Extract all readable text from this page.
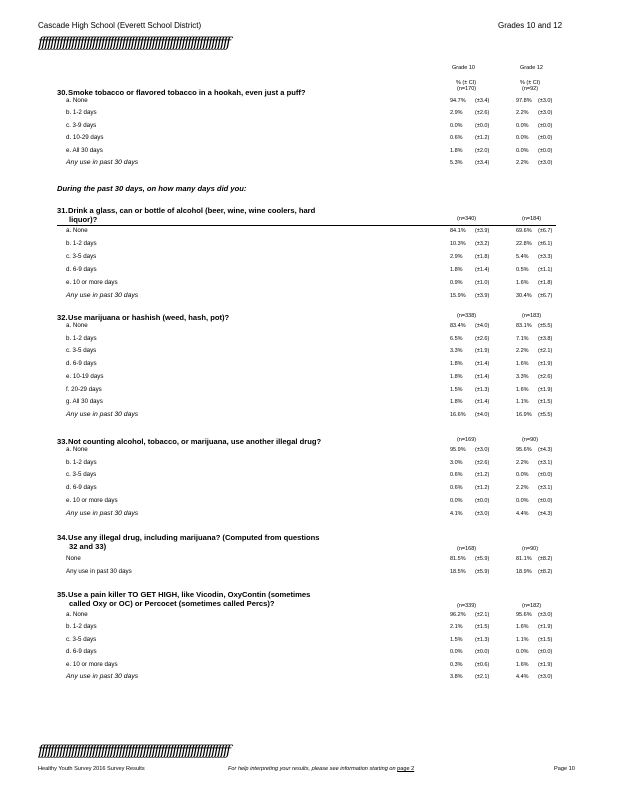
Cascade High School (Everett School District)	Grades 10 and 12
ƒƒƒƒƒƒƒƒƒƒƒƒƒƒƒƒƒƒƒƒƒƒƒƒƒƒƒƒƒƒƒƒƒƒƒƒƒƒƒƒƒƒƒƒƒƒƒƒƒƒƒƒƒƒƒƒƒƒƒƒƒƒƒƒ
Grade 10	Grade 12
% (± CI)	% (± CI)
(n=170)	(n=92)
During the past 30 days, on how many days did you:
30.Smoke tobacco or flavored tobacco in a hookah, even just a puff?
a. None	94.7% (±3.4)	97.8% (±3.0)
b. 1-2 days	2.9% (±2.6)	2.2% (±3.0)
c. 3-9 days	0.0% (±0.0)	0.0% (±0.0)
d. 10-29 days	0.6% (±1.2)	0.0% (±0.0)
e. All 30 days	1.8% (±2.0)	0.0% (±0.0)
Any use in past 30 days	5.3% (±3.4)	2.2% (±3.0)
31.Drink a glass, can or bottle of alcohol (beer, wine, wine coolers, hard
liquor)?	(n=340)	(n=184)
a. None	84.1% (±3.9)	69.6% (±6.7)
b. 1-2 days	10.3% (±3.2)	22.8% (±6.1)
c. 3-5 days	2.9% (±1.8)	5.4% (±3.3)
d. 6-9 days	1.8% (±1.4)	0.5% (±1.1)
e. 10 or more days	0.9% (±1.0)	1.6% (±1.8)
Any use in past 30 days	15.9% (±3.9)	30.4% (±6.7)
32.Use marijuana or hashish (weed, hash, pot)?	(n=338)	(n=183)
a. None	83.4% (±4.0)	83.1% (±5.5)
b. 1-2 days	6.5% (±2.6)	7.1% (±3.8)
c. 3-5 days	3.3% (±1.9)	2.2% (±2.1)
d. 6-9 days	1.8% (±1.4)	1.6% (±1.9)
e. 10-19 days	1.8% (±1.4)	3.3% (±2.6)
f. 20-29 days	1.5% (±1.3)	1.6% (±1.9)
g. All 30 days	1.8% (±1.4)	1.1% (±1.5)
Any use in past 30 days	16.6% (±4.0)	16.9% (±5.5)
33.Not counting alcohol, tobacco, or marijuana, use another illegal drug?	(n=169)	(n=90)
a. None	95.9% (±3.0)	95.6% (±4.3)
b. 1-2 days	3.0% (±2.6)	2.2% (±3.1)
c. 3-5 days	0.6% (±1.2)	0.0% (±0.0)
d. 6-9 days	0.6% (±1.2)	2.2% (±3.1)
e. 10 or more days	0.0% (±0.0)	0.0% (±0.0)
Any use in past 30 days	4.1% (±3.0)	4.4% (±4.3)
34.Use any illegal drug, including marijuana? (Computed from questions
32 and 33)	(n=168)	(n=90)
None	81.5% (±5.9)	81.1% (±8.2)
Any use in past 30 days	18.5% (±5.9)	18.9% (±8.2)
35.Use a pain killer TO GET HIGH, like Vicodin, OxyContin (sometimes
called Oxy or OC) or Percocet (sometimes called Percs)?	(n=339)	(n=182)
a. None	96.2% (±2.1)	95.6% (±3.0)
b. 1-2 days	2.1% (±1.5)	1.6% (±1.9)
c. 3-5 days	1.5% (±1.3)	1.1% (±1.5)
d. 6-9 days	0.0% (±0.0)	0.0% (±0.0)
e. 10 or more days	0.3% (±0.6)	1.6% (±1.9)
Any use in past 30 days	3.8% (±2.1)	4.4% (±3.0)
ƒƒƒƒƒƒƒƒƒƒƒƒƒƒƒƒƒƒƒƒƒƒƒƒƒƒƒƒƒƒƒƒƒƒƒƒƒƒƒƒƒƒƒƒƒƒƒƒƒƒƒƒƒƒƒƒƒƒƒƒƒƒƒƒ
Healthy Youth Survey 2016 Survey Results	For help interpreting your results, please see information starting on page 2	Page 10
